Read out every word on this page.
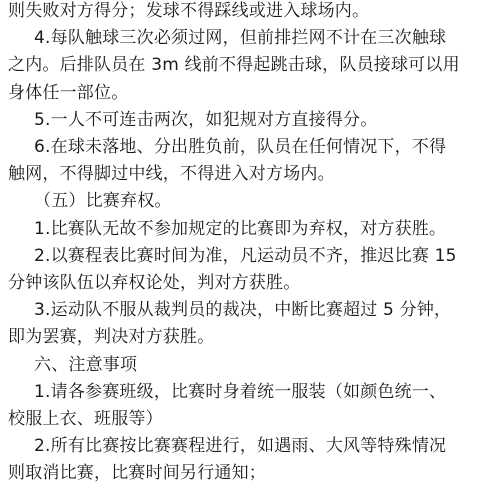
则失败对方得分；发球不得踩线或进入球场内。
4.每队触球三次必须过网，但前排拦网不计在三次触球
之内。后排队员在 3m 线前不得起跳击球，队员接球可以用
身体任一部位。
5.一人不可连击两次，如犯规对方直接得分。
6.在球未落地、分出胜负前，队员在任何情况下，不得
触网，不得脚过中线，不得进入对方场内。
（五）比赛弃权。
1.比赛队无故不参加规定的比赛即为弃权，对方获胜。
2.以赛程表比赛时间为准，凡运动员不齐，推迟比赛 15
分钟该队伍以弃权论处，判对方获胜。
3.运动队不服从裁判员的裁决，中断比赛超过 5 分钟，
即为罢赛，判决对方获胜。
六、注意事项
1.请各参赛班级，比赛时身着统一服装（如颜色统一、
校服上衣、班服等）
2.所有比赛按比赛赛程进行，如遇雨、大风等特殊情况
则取消比赛，比赛时间另行通知；
